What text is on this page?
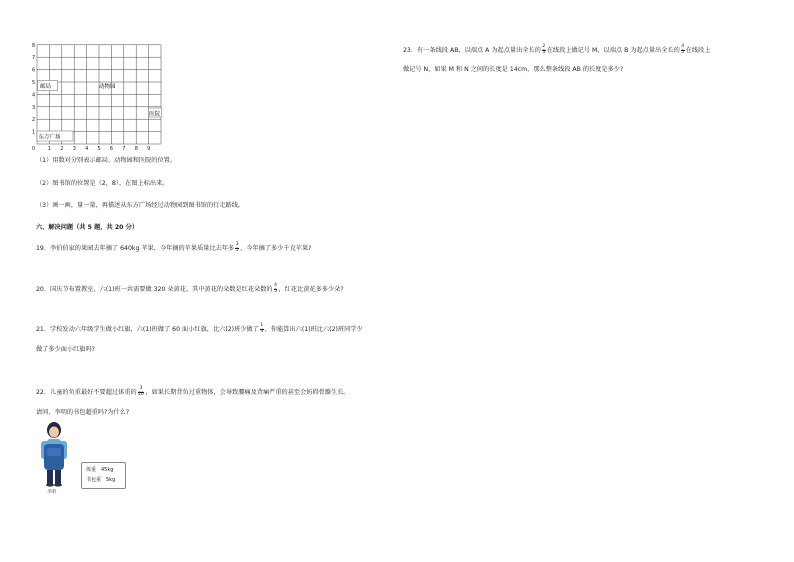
0	1 2 3 4 5 6 7 8 9
1
2
3
4
5
6
7
8
邮局	动物园
医院
东方广场
（1）用数对分别表示邮局、动物园和医院的位置。
（2）图书馆的位置是（2，8），在图上标出来。
（3）画一画，量一量，再描述从东方广场经过动物园到图书馆的行走路线。
六、解决问题（共 5 题，共 20 分）
19．李伯伯家的果园去年摘了 640kg 苹果，今年摘的苹果质量比去年多 $\frac{3}{5}$ ，今年摘了多少千克苹果?
20．国庆节布置教室，六(1)班一共需要做 320 朵黄花，其中黄花的朵数是红花朵数的 $\frac{4}{5}$ ，红花比黄花多多少朵?
21．学校发动六年级学生做小红旗，六(1)班做了 60 面小红旗，比六(2)班少做了 $\frac{1}{4}$ ，你能算出六(1)班比六(2)班同学少
做了多少面小红旗吗?
22．儿童的负重最好不要超过体重的 $\frac{3}{20}$ ，如果长期背负过重物体，会导致腰痛及背痛严重的甚至会妨碍骨骼生长。
请问，李明的书包超重吗?为什么?
李明
体重　45kg
书包重　5kg
23．有一条线段 AB，以端点 A 为起点量出全长的 $\frac{2}{3}$ 在线段上做记号 M，以端点 B 为起点量出全长的 $\frac{4}{5}$ 在线段上
做记号 N，如果 M 和 N 之间的长度是 14cm，那么整条线段 AB 的长度是多少?
